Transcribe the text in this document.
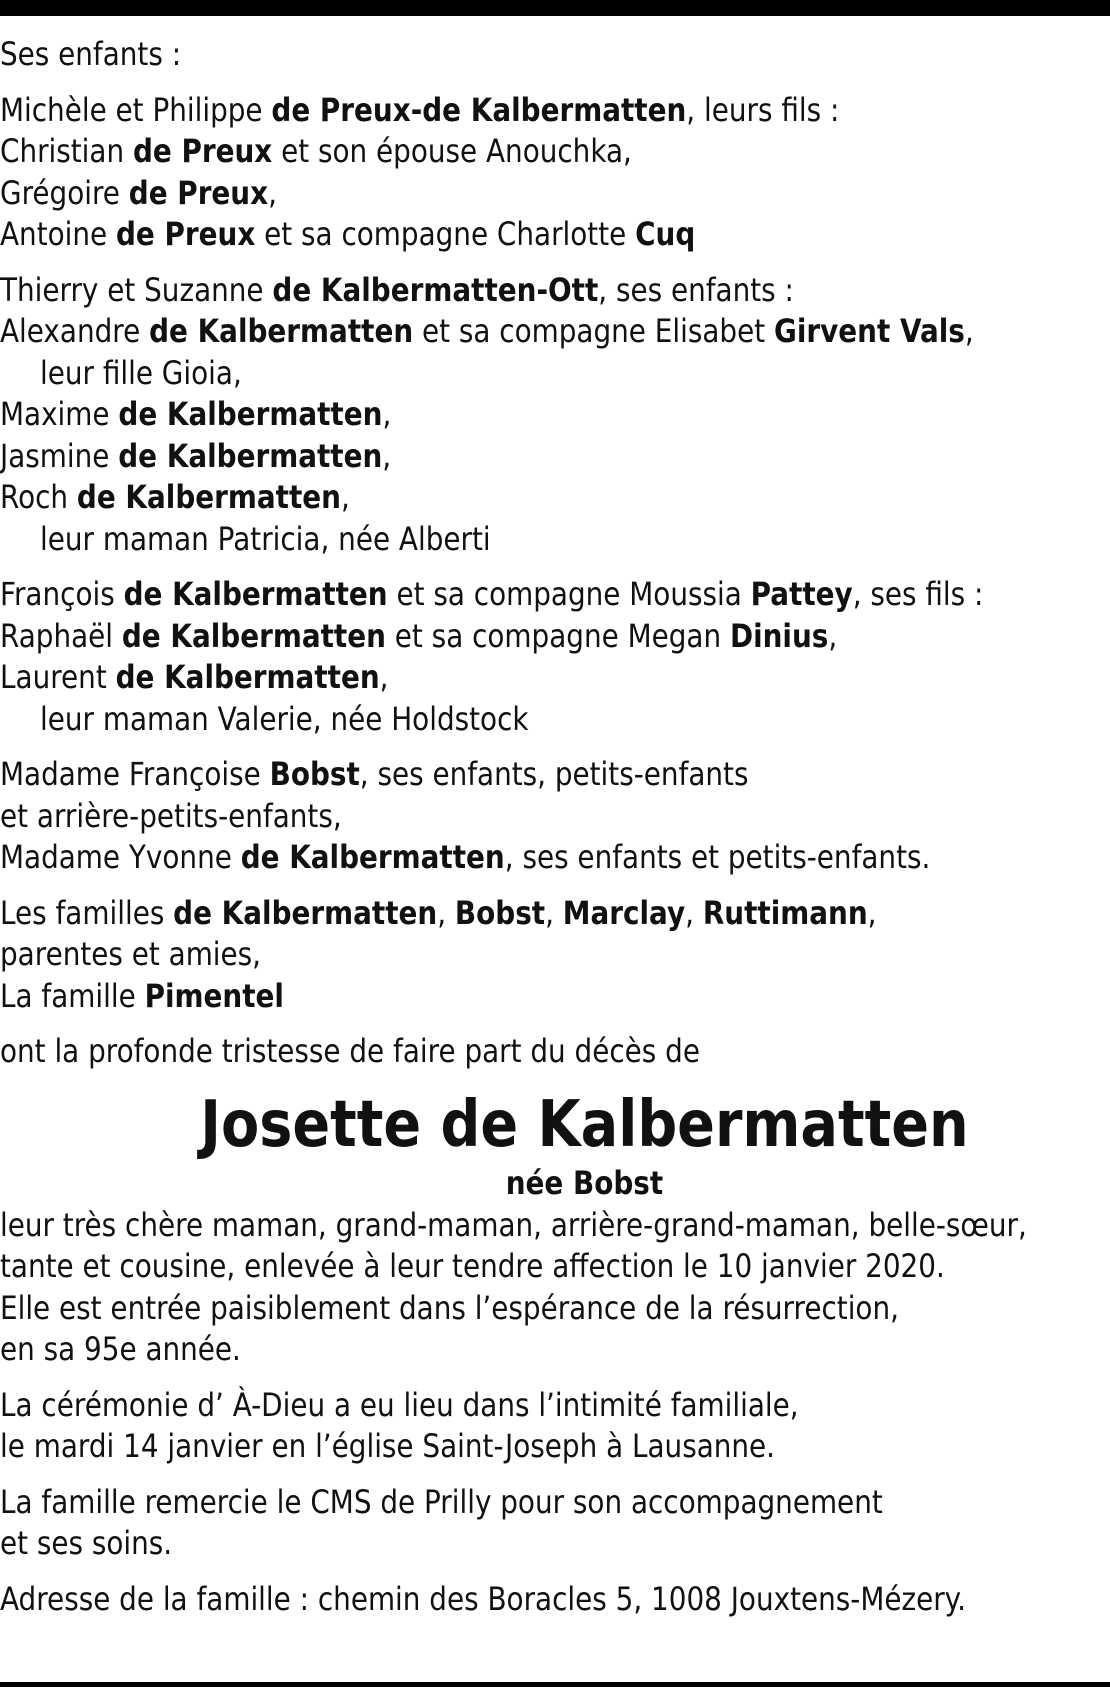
Ses enfants :
Michèle et Philippe de Preux-de Kalbermatten, leurs fils :
Christian de Preux et son épouse Anouchka,
Grégoire de Preux,
Antoine de Preux et sa compagne Charlotte Cuq
Thierry et Suzanne de Kalbermatten-Ott, ses enfants :
Alexandre de Kalbermatten et sa compagne Elisabet Girvent Vals,
leur fille Gioia,
Maxime de Kalbermatten,
Jasmine de Kalbermatten,
Roch de Kalbermatten,
leur maman Patricia, née Alberti
François de Kalbermatten et sa compagne Moussia Pattey, ses fils :
Raphaël de Kalbermatten et sa compagne Megan Dinius,
Laurent de Kalbermatten,
leur maman Valerie, née Holdstock
Madame Françoise Bobst, ses enfants, petits-enfants
et arrière-petits-enfants,
Madame Yvonne de Kalbermatten, ses enfants et petits-enfants.
Les familles de Kalbermatten, Bobst, Marclay, Ruttimann,
parentes et amies,
La famille Pimentel
ont la profonde tristesse de faire part du décès de
Josette de Kalbermatten
née Bobst
leur très chère maman, grand-maman, arrière-grand-maman, belle-sœur,
tante et cousine, enlevée à leur tendre affection le 10 janvier 2020.
Elle est entrée paisiblement dans l’espérance de la résurrection,
en sa 95e année.
La cérémonie d’ À-Dieu a eu lieu dans l’intimité familiale,
le mardi 14 janvier en l’église Saint-Joseph à Lausanne.
La famille remercie le CMS de Prilly pour son accompagnement
et ses soins.
Adresse de la famille : chemin des Boracles 5, 1008 Jouxtens-Mézery.
